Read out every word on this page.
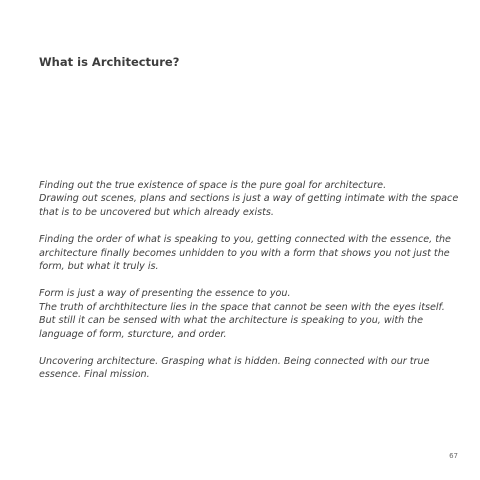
What is Architecture?

Finding out the true existence of space is the pure goal for architecture.
Drawing out scenes, plans and sections is just a way of getting intimate with the space
that is to be uncovered but which already exists.

Finding the order of what is speaking to you, getting connected with the essence, the
architecture finally becomes unhidden to you with a form that shows you not just the
form, but what it truly is.

Form is just a way of presenting the essence to you.
The truth of archthitecture lies in the space that cannot be seen with the eyes itself.
But still it can be sensed with what the architecture is speaking to you, with the
language of form, sturcture, and order.

Uncovering architecture. Grasping what is hidden. Being connected with our true
essence. Final mission.

67
